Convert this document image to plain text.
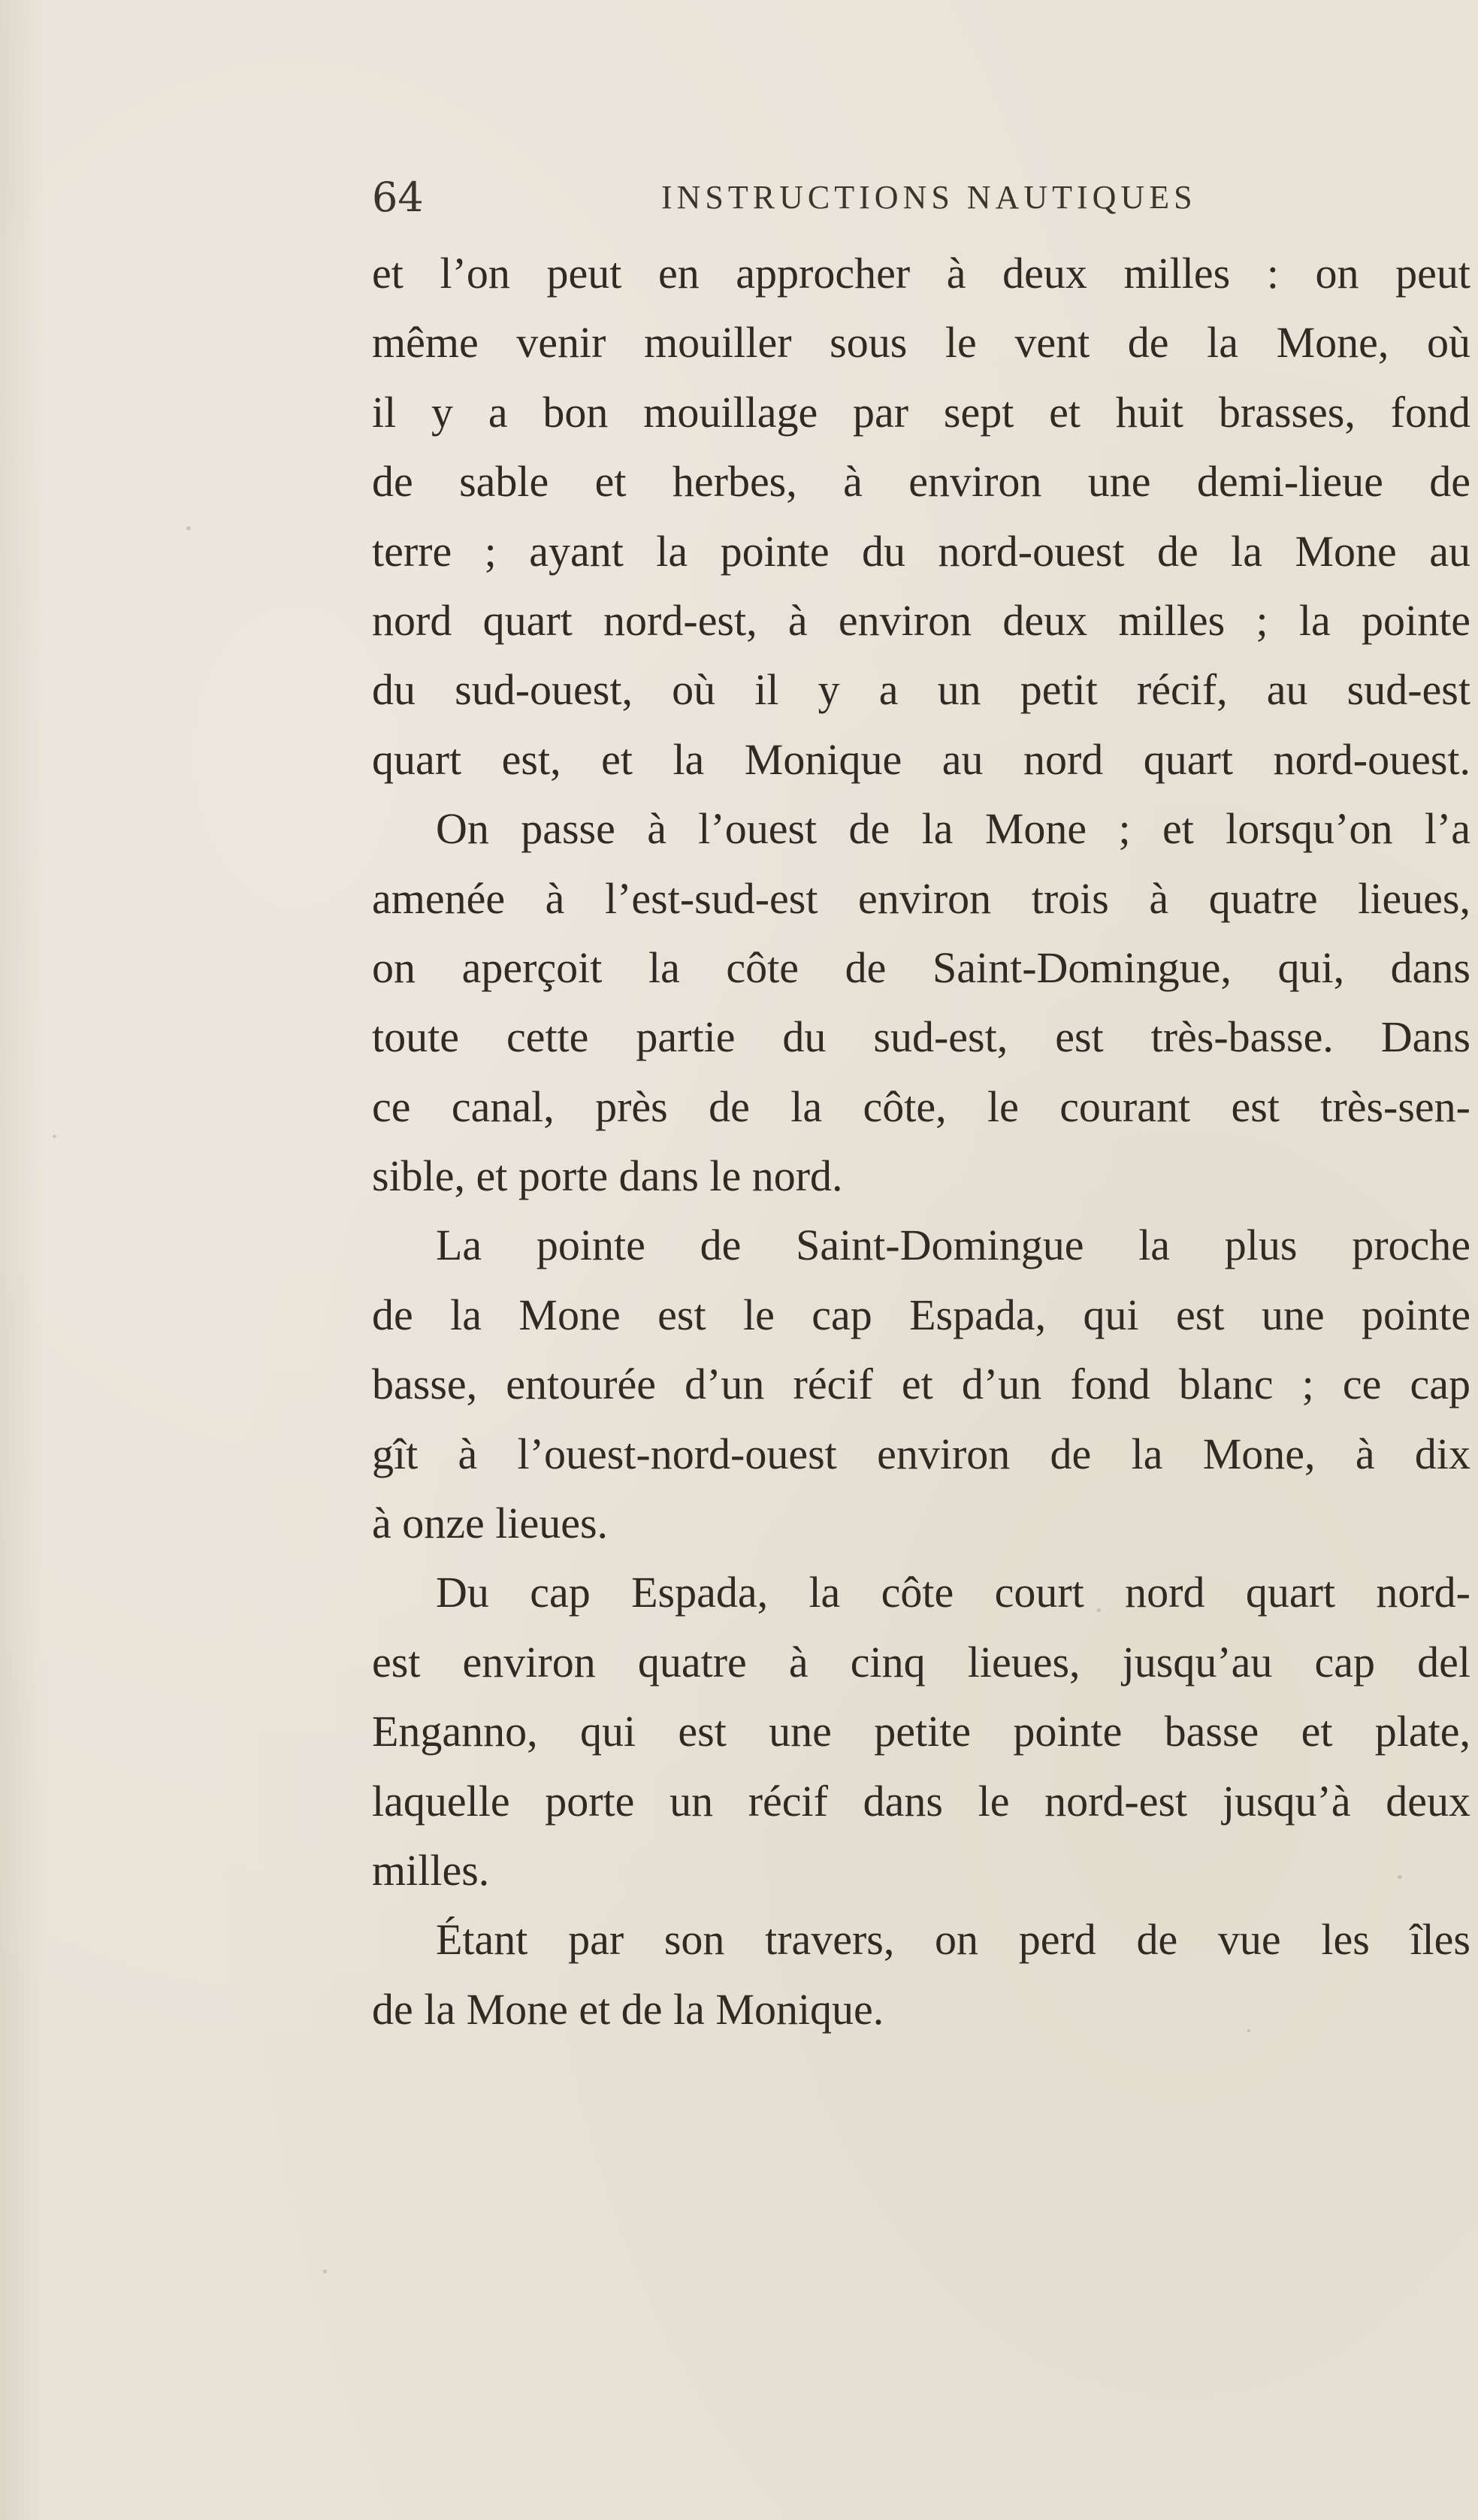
64	INSTRUCTIONS NAUTIQUES
et l’on peut en approcher à deux milles : on peut
même venir mouiller sous le vent de la Mone, où
il y a bon mouillage par sept et huit brasses, fond
de sable et herbes, à environ une demi-lieue de
terre ; ayant la pointe du nord-ouest de la Mone au
nord quart nord-est, à environ deux milles ; la pointe
du sud-ouest, où il y a un petit récif, au sud-est
quart est, et la Monique au nord quart nord-ouest.
On passe à l’ouest de la Mone ; et lorsqu’on l’a
amenée à l’est-sud-est environ trois à quatre lieues,
on aperçoit la côte de Saint-Domingue, qui, dans
toute cette partie du sud-est, est très-basse. Dans
ce canal, près de la côte, le courant est très-sen-
sible, et porte dans le nord.
La pointe de Saint-Domingue la plus proche
de la Mone est le cap Espada, qui est une pointe
basse, entourée d’un récif et d’un fond blanc ; ce cap
gît à l’ouest-nord-ouest environ de la Mone, à dix
à onze lieues.
Du cap Espada, la côte court nord quart nord-
est environ quatre à cinq lieues, jusqu’au cap del
Enganno, qui est une petite pointe basse et plate,
laquelle porte un récif dans le nord-est jusqu’à deux
milles.
Étant par son travers, on perd de vue les îles
de la Mone et de la Monique.
